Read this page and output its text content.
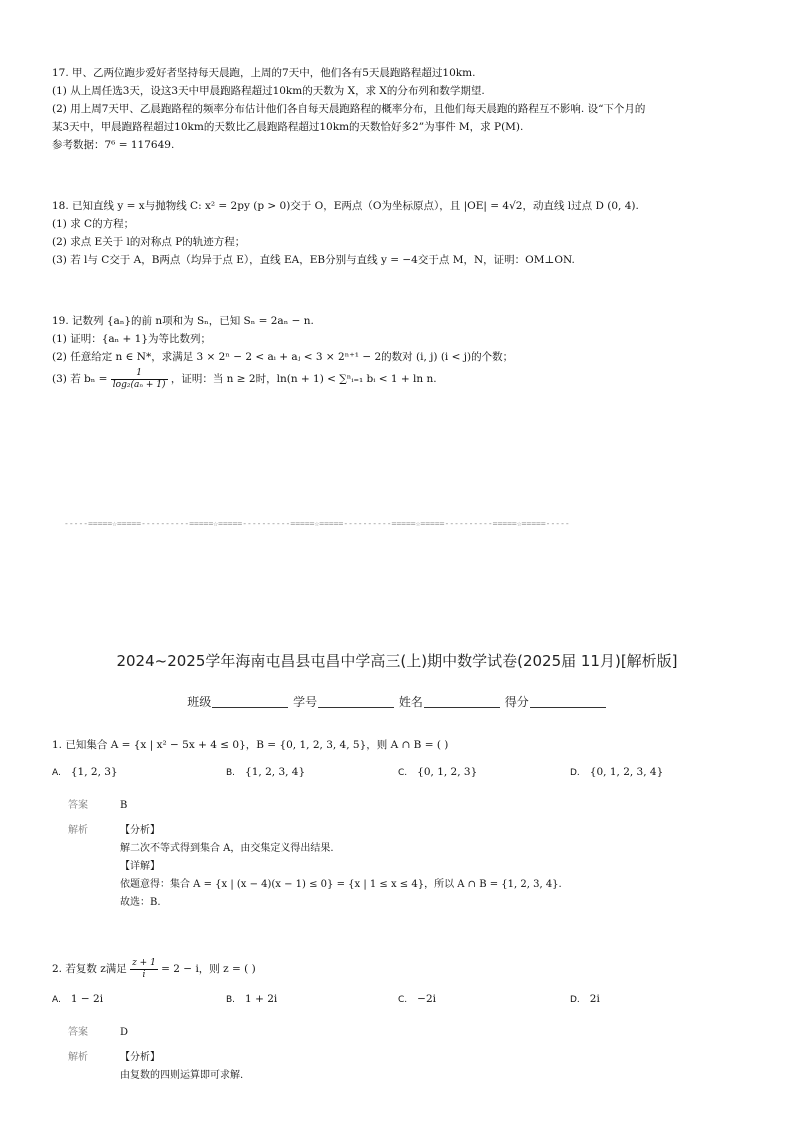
17. 甲、乙两位跑步爱好者坚持每天晨跑，上周的7天中，他们各有5天晨跑路程超过10km.
(1) 从上周任选3天，设这3天中甲晨跑路程超过10km的天数为 X，求 X的分布列和数学期望.
(2) 用上周7天甲、乙晨跑路程的频率分布估计他们各自每天晨跑路程的概率分布，且他们每天晨跑的路程互不影响. 设“下个月的
某3天中，甲晨跑路程超过10km的天数比乙晨跑路程超过10km的天数恰好多2”为事件 M，求 P(M).
参考数据：7⁶ = 117649.
18. 已知直线 y = x与抛物线 C: x² = 2py (p > 0)交于 O，E两点（O为坐标原点），且 |OE| = 4√2，动直线 l过点 D (0, 4).
(1) 求 C的方程；
(2) 求点 E关于 l的对称点 P的轨迹方程；
(3) 若 l与 C交于 A，B两点（均异于点 E），直线 EA，EB分别与直线 y = −4交于点 M，N，证明：OM⊥ON.
19. 记数列 {aₙ}的前 n项和为 Sₙ，已知 Sₙ = 2aₙ − n.
(1) 证明：{aₙ + 1}为等比数列；
(2) 任意给定 n ∈ N*，求满足 3 × 2ⁿ − 2 < aᵢ + aⱼ < 3 × 2ⁿ⁺¹ − 2的数对 (i, j) (i < j)的个数；
(3) 若 $b_n = \frac{1}{\text{log₂(aₙ + 1)}}$ ，证明：当 n ≥ 2时，ln(n + 1) < ∑ⁿᵢ₌₁ bᵢ < 1 + ln n.
-----=====☆=====----------=====☆=====----------=====☆=====----------=====☆=====----------=====☆=====-----
2024~2025学年海南屯昌县屯昌中学高三(上)期中数学试卷(2025届 11月)[解析版]
班级	学号	姓名	得分
1. 已知集合 A = {x | x² − 5x + 4 ≤ 0}，B = {0, 1, 2, 3, 4, 5}，则 A ∩ B = ( )
A. {1, 2, 3}	B. {1, 2, 3, 4}	C. {0, 1, 2, 3}	D. {0, 1, 2, 3, 4}
答案	B
解析	【分析】
解二次不等式得到集合 A，由交集定义得出结果.
【详解】
依题意得：集合 A = {x | (x − 4)(x − 1) ≤ 0} = {x | 1 ≤ x ≤ 4}，所以 A ∩ B = {1, 2, 3, 4}.
故选：B.
2. 若复数 z满足 $\frac{z + 1}{i} = 2 - i$，则 z = ( )
A. 1 − 2i	B. 1 + 2i	C. −2i	D. 2i
答案	D
解析	【分析】
由复数的四则运算即可求解.
